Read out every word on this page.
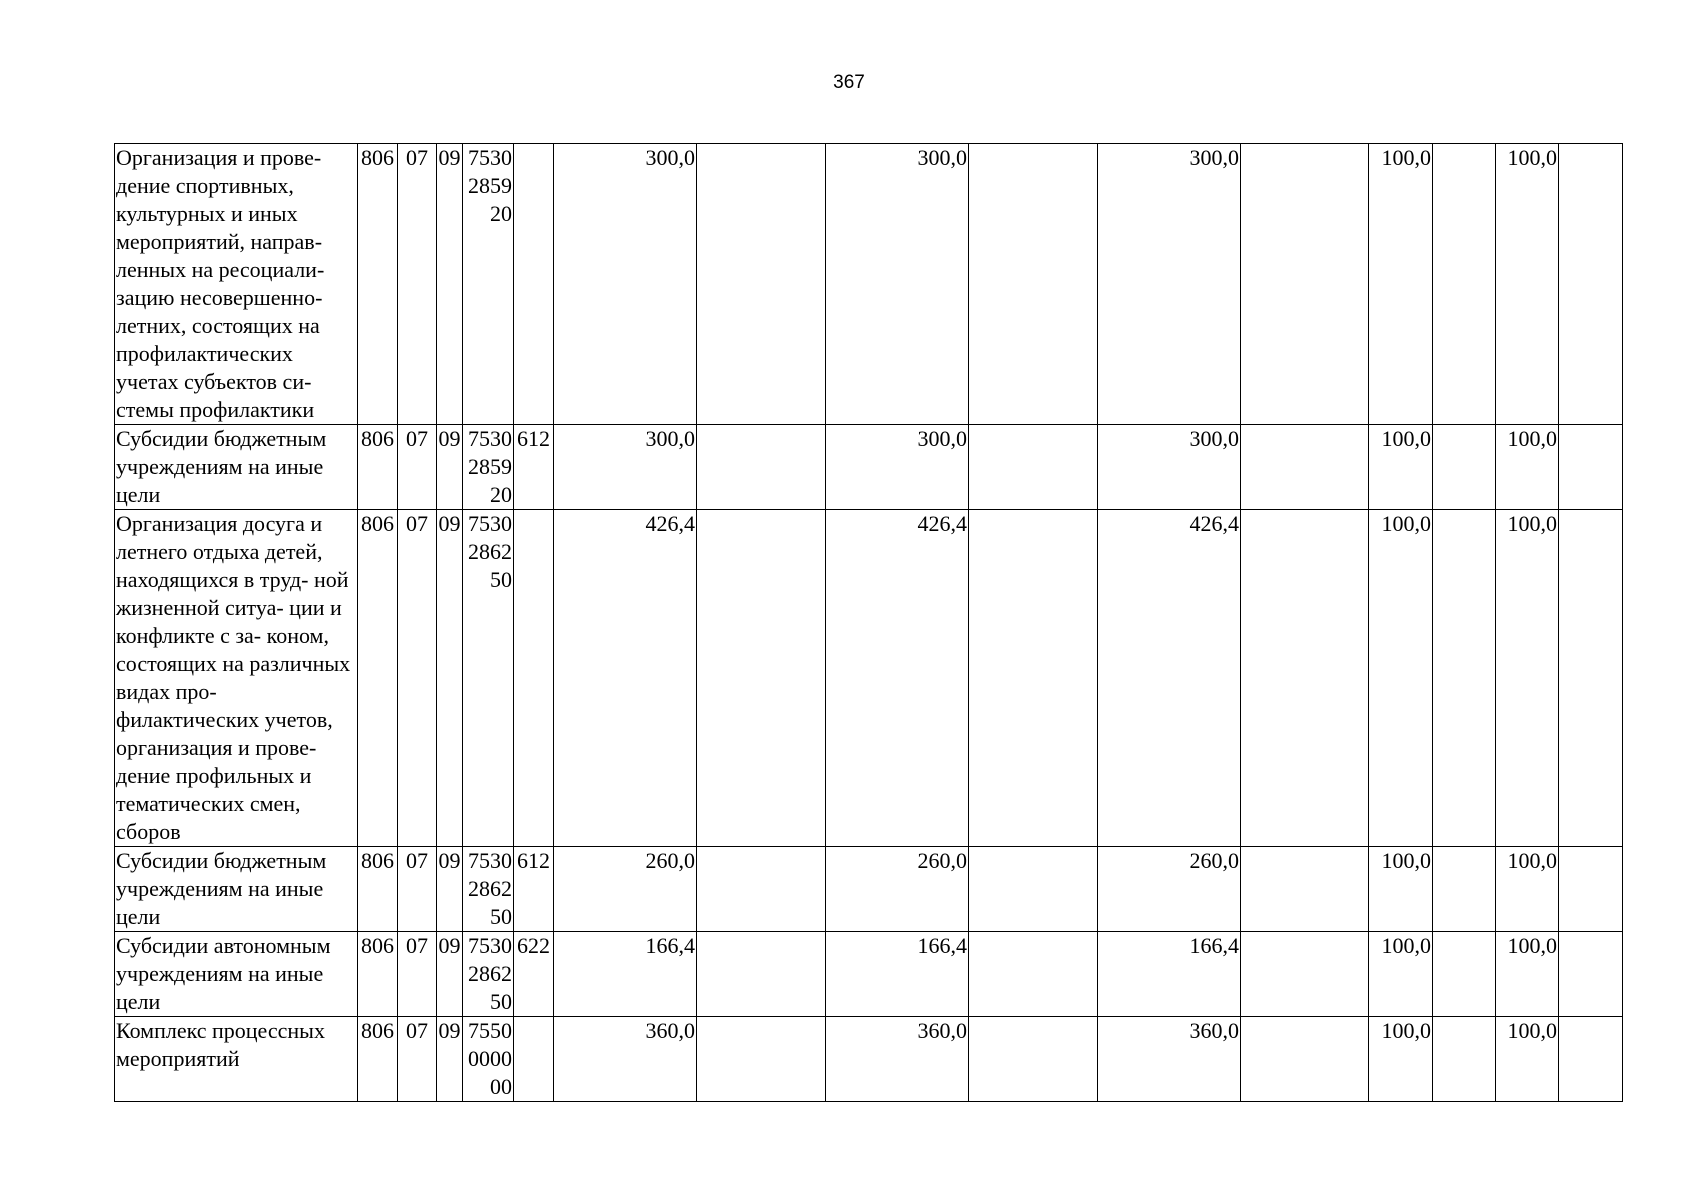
367
Организация и прове- дение спортивных, культурных и иных мероприятий, направ- ленных на ресоциали- зацию несовершенно- летних, состоящих на профилактических учетах субъектов си- стемы профилактики	806	07	09	7530285920		300,0		300,0		300,0		100,0		100,0	
Субсидии бюджетным учреждениям на иные цели	806	07	09	7530285920	612	300,0		300,0		300,0		100,0		100,0	
Организация досуга и летнего отдыха детей, находящихся в труд- ной жизненной ситуа- ции и конфликте с за- коном, состоящих на различных видах про- филактических учетов, организация и прове- дение профильных и тематических смен, сборов	806	07	09	7530286250		426,4		426,4		426,4		100,0		100,0	
Субсидии бюджетным учреждениям на иные цели	806	07	09	7530286250	612	260,0		260,0		260,0		100,0		100,0	
Субсидии автономным учреждениям на иные цели	806	07	09	7530286250	622	166,4		166,4		166,4		100,0		100,0	
Комплекс процессных мероприятий	806	07	09	7550000000		360,0		360,0		360,0		100,0		100,0	
